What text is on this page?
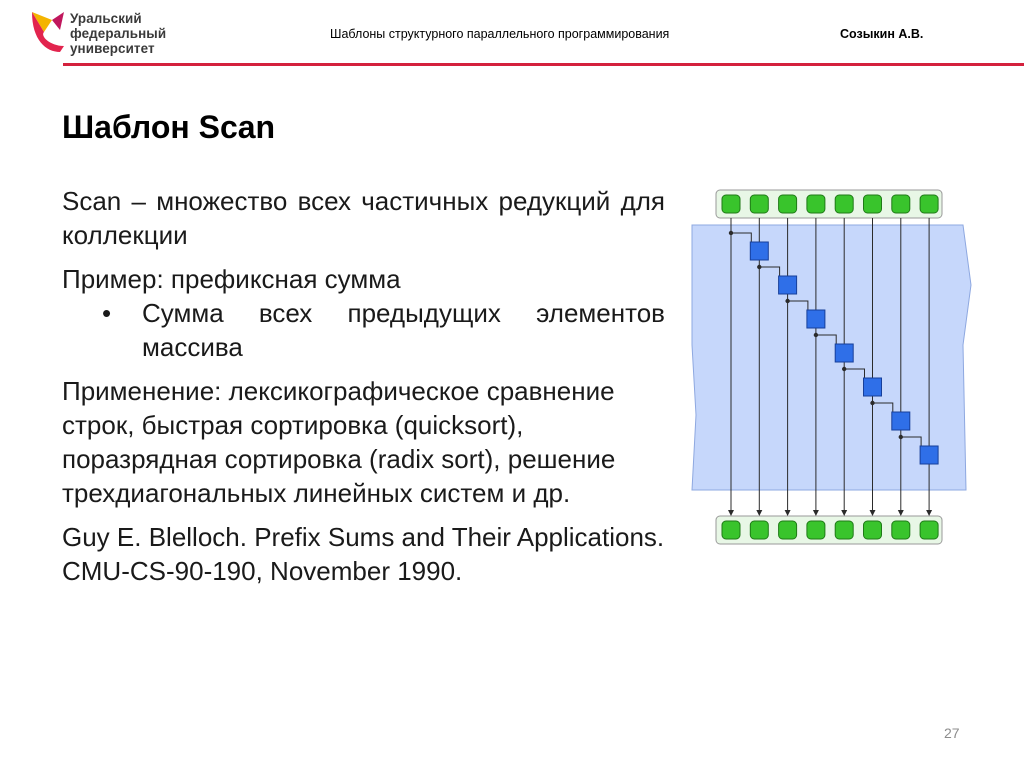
Уральский
федеральный
университет
Шаблоны структурного параллельного программирования	Созыкин А.В.
Шаблон Scan

Scan – множество всех частичных редукций для коллекции

Пример: префиксная сумма

• Сумма всех предыдущих элементов массива

Применение: лексикографическое сравнение строк, быстрая сортировка (quicksort), поразрядная сортировка (radix sort), решение трехдиагональных линейных систем и др.

Guy E. Blelloch. Prefix Sums and Their Applications. CMU-CS-90-190, November 1990.

27
